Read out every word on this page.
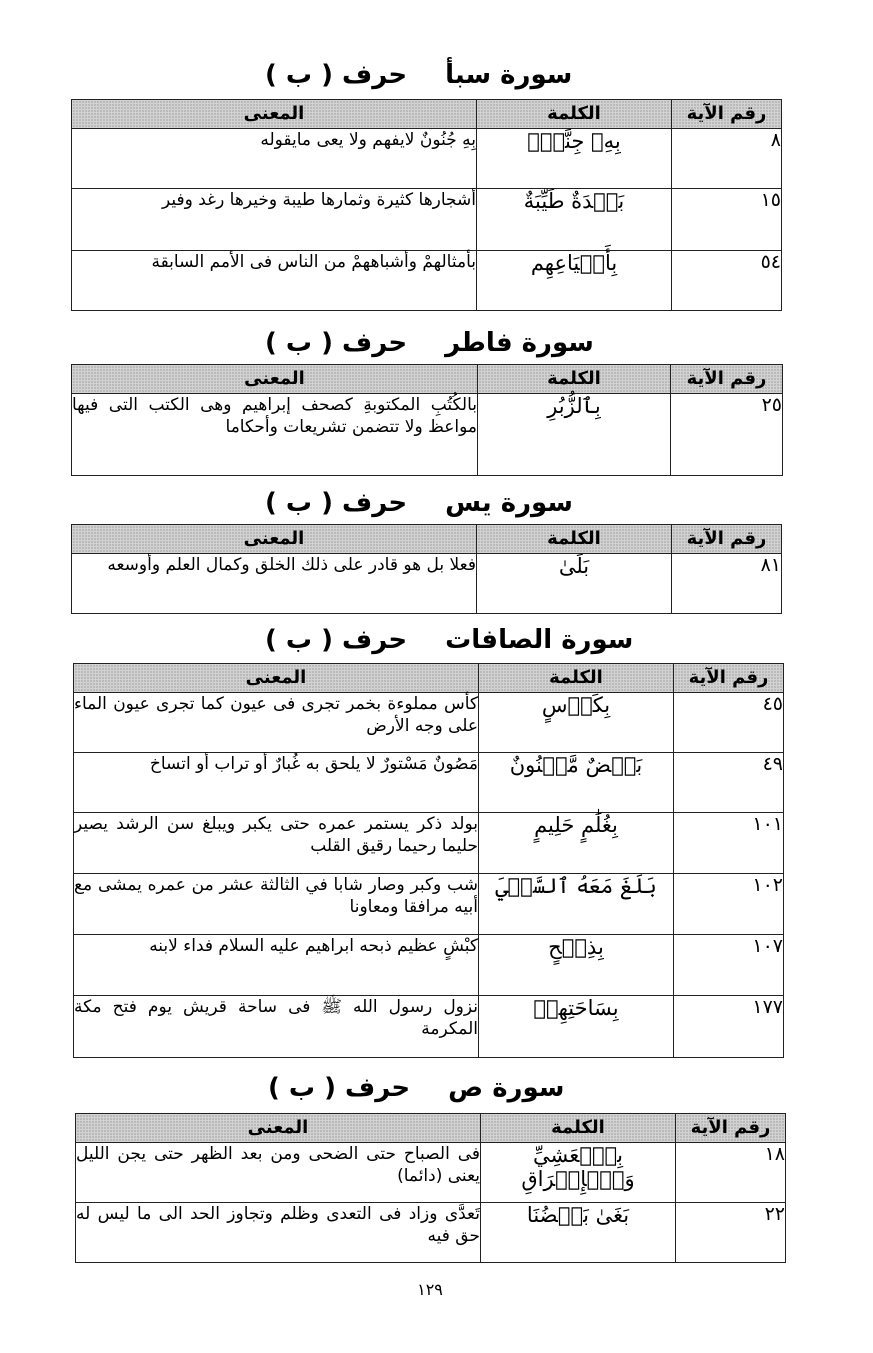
سورة سبأحرف ( ب )
رقم الآية	الكلمة	المعنى
٨	بِهِۦ جِنَّةٌۢ	بِهِ جُنُونٌ لايفهم ولا يعى مايقوله
١٥	بَلۡدَةٌ طَيِّبَةٌ	أشجارها كثيرة وثمارها طيبة وخيرها رغد وفير
٥٤	بِأَشۡيَاعِهِم	بأمثالهمْ وأشباههمْ من الناس فى الأمم السابقة
سورة فاطرحرف ( ب )
رقم الآية	الكلمة	المعنى
٢٥	بِٱلزُّبُرِ	بالكُتُبِ المكتوبةِ كصحف إبراهيم وهى الكتب التى فيها مواعظ ولا تتضمن تشريعات وأحكاما
سورة يسحرف ( ب )
رقم الآية	الكلمة	المعنى
٨١	بَلَىٰ	فعلا بل هو قادر على ذلك الخلق وكمال العلم وأوسعه
سورة الصافاتحرف ( ب )
رقم الآية	الكلمة	المعنى
٤٥	بِكَأۡسٍ	كأس مملوءة بخمر تجرى فى عيون كما تجرى عيون الماء على وجه الأرض
٤٩	بَيۡضٌ مَّكۡنُونٌ	مَصُونٌ مَسْتورٌ لا يلحق به غُبارٌ أو تراب أو اتساخ
١٠١	بِغُلَٰمٍ حَلِيمٍ	بولد ذكر يستمر عمره حتى يكبر ويبلغ سن الرشد يصير حليما رحيما رقيق القلب
١٠٢	بَلَغَ مَعَهُ ٱلسَّعۡيَ	شب وكبر وصار شابا في الثالثة عشر من عمره يمشى مع أبيه مرافقا ومعاونا
١٠٧	بِذِبۡحٍ	كبْشٍ عظيم ذبحه ابراهيم عليه السلام فداء لابنه
١٧٧	بِسَاحَتِهِمۡ	نزول رسول الله ﷺ فى ساحة قريش يوم فتح مكة المكرمة
سورة صحرف ( ب )
رقم الآية	الكلمة	المعنى
١٨	بِٱلۡعَشِيِّ وَٱلۡإِشۡرَاقِ	فى الصباح حتى الضحى ومن بعد الظهر حتى يجن الليل يعنى (دائما)
٢٢	بَغَىٰ بَعۡضُنَا	تَعدَّى وزاد فى التعدى وظلم وتجاوز الحد الى ما ليس له حق فيه
١٢٩
